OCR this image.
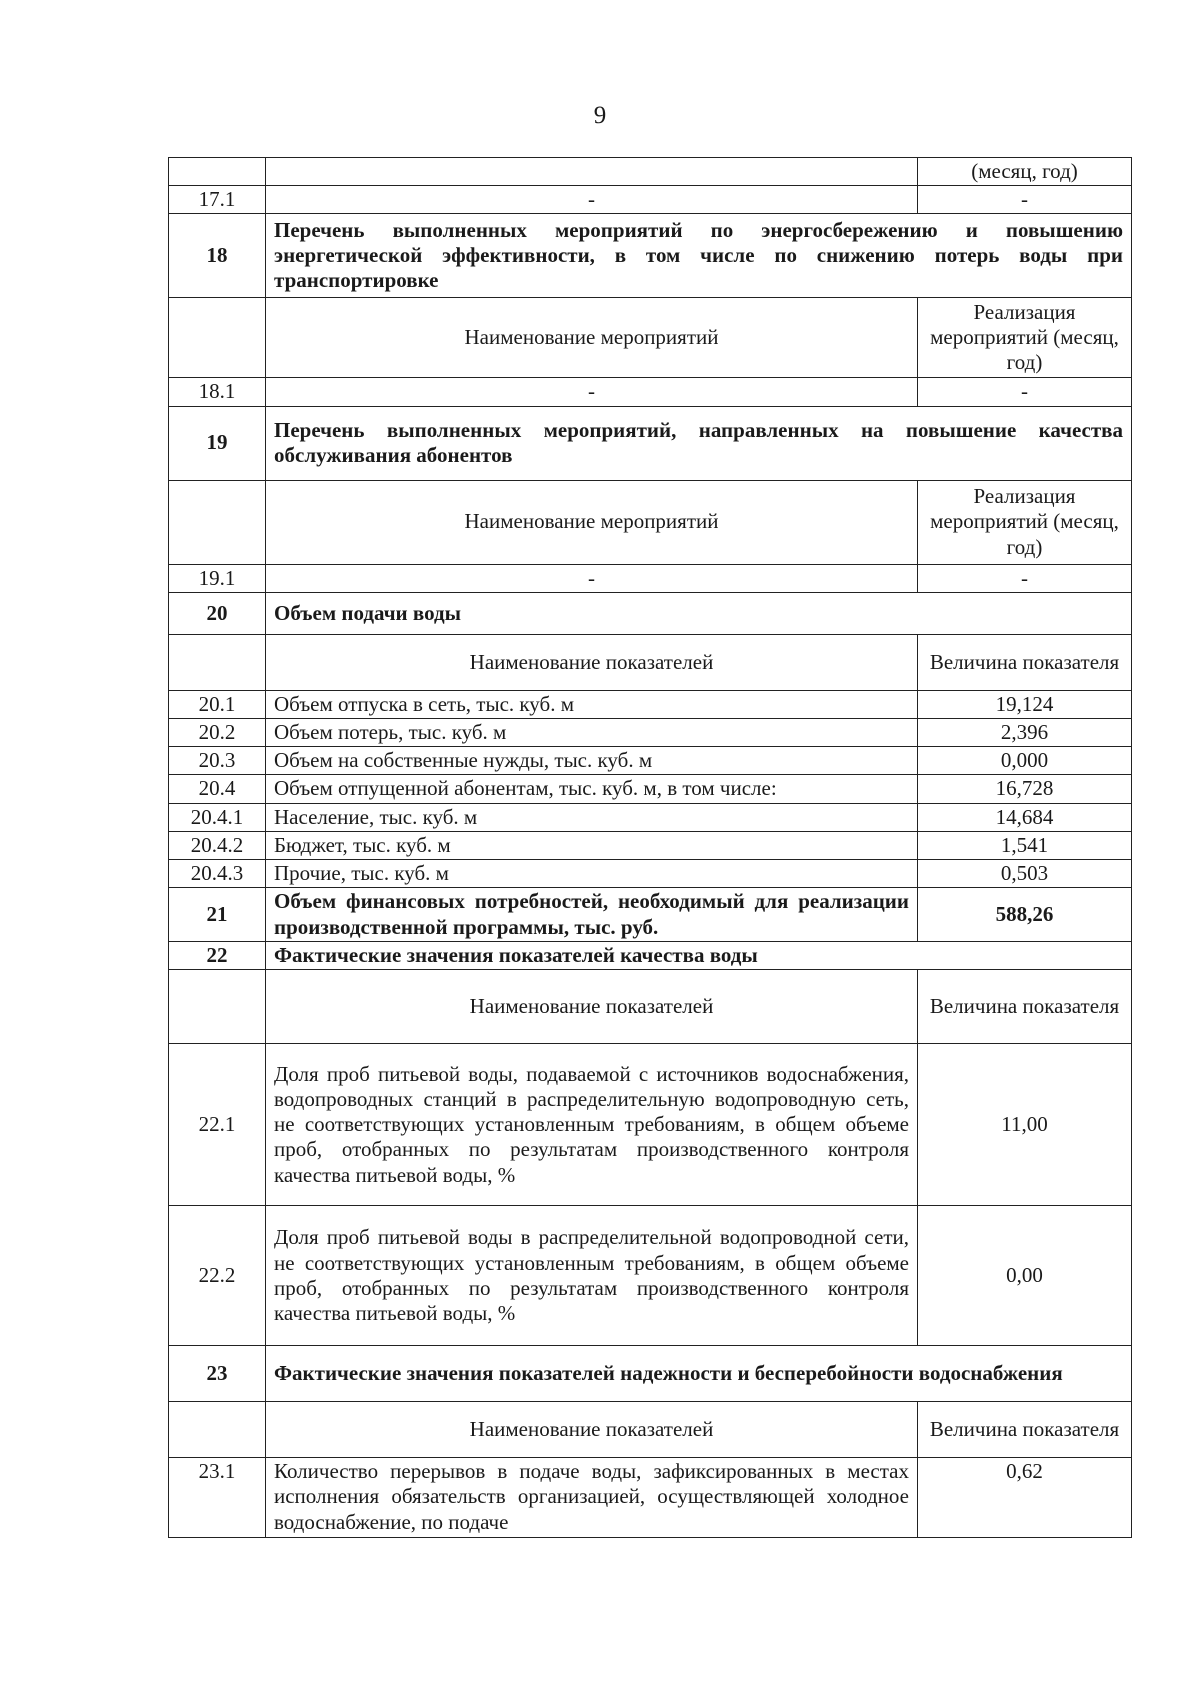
9
		(месяц, год)
17.1	-	-
18	Перечень выполненных мероприятий по энергосбережению и повышению энергетической эффективности, в том числе по снижению потерь воды при транспортировке	
	Наименование мероприятий	Реализация мероприятий (месяц, год)
18.1	-	-
19	Перечень выполненных мероприятий, направленных на повышение качества обслуживания абонентов	
	Наименование мероприятий	Реализация мероприятий (месяц, год)
19.1	-	-
20	Объем подачи воды	
	Наименование показателей	Величина показателя
20.1	Объем отпуска в сеть, тыс. куб. м	19,124
20.2	Объем потерь, тыс. куб. м	2,396
20.3	Объем на собственные нужды, тыс. куб. м	0,000
20.4	Объем отпущенной абонентам, тыс. куб. м, в том числе:	16,728
20.4.1	Население, тыс. куб. м	14,684
20.4.2	Бюджет, тыс. куб. м	1,541
20.4.3	Прочие, тыс. куб. м	0,503
21	Объем финансовых потребностей, необходимый для реализации производственной программы, тыс. руб.	588,26
22	Фактические значения показателей качества воды	
	Наименование показателей	Величина показателя
22.1	Доля проб питьевой воды, подаваемой с источников водоснабжения, водопроводных станций в распределительную водопроводную сеть, не соответствующих установленным требованиям, в общем объеме проб, отобранных по результатам производственного контроля качества питьевой воды, %	11,00
22.2	Доля проб питьевой воды в распределительной водопроводной сети, не соответствующих установленным требованиям, в общем объеме проб, отобранных по результатам производственного контроля качества питьевой воды, %	0,00
23	Фактические значения показателей надежности и бесперебойности водоснабжения	
	Наименование показателей	Величина показателя
23.1	Количество перерывов в подаче воды, зафиксированных в местах исполнения обязательств организацией, осуществляющей холодное водоснабжение, по подаче	0,62
